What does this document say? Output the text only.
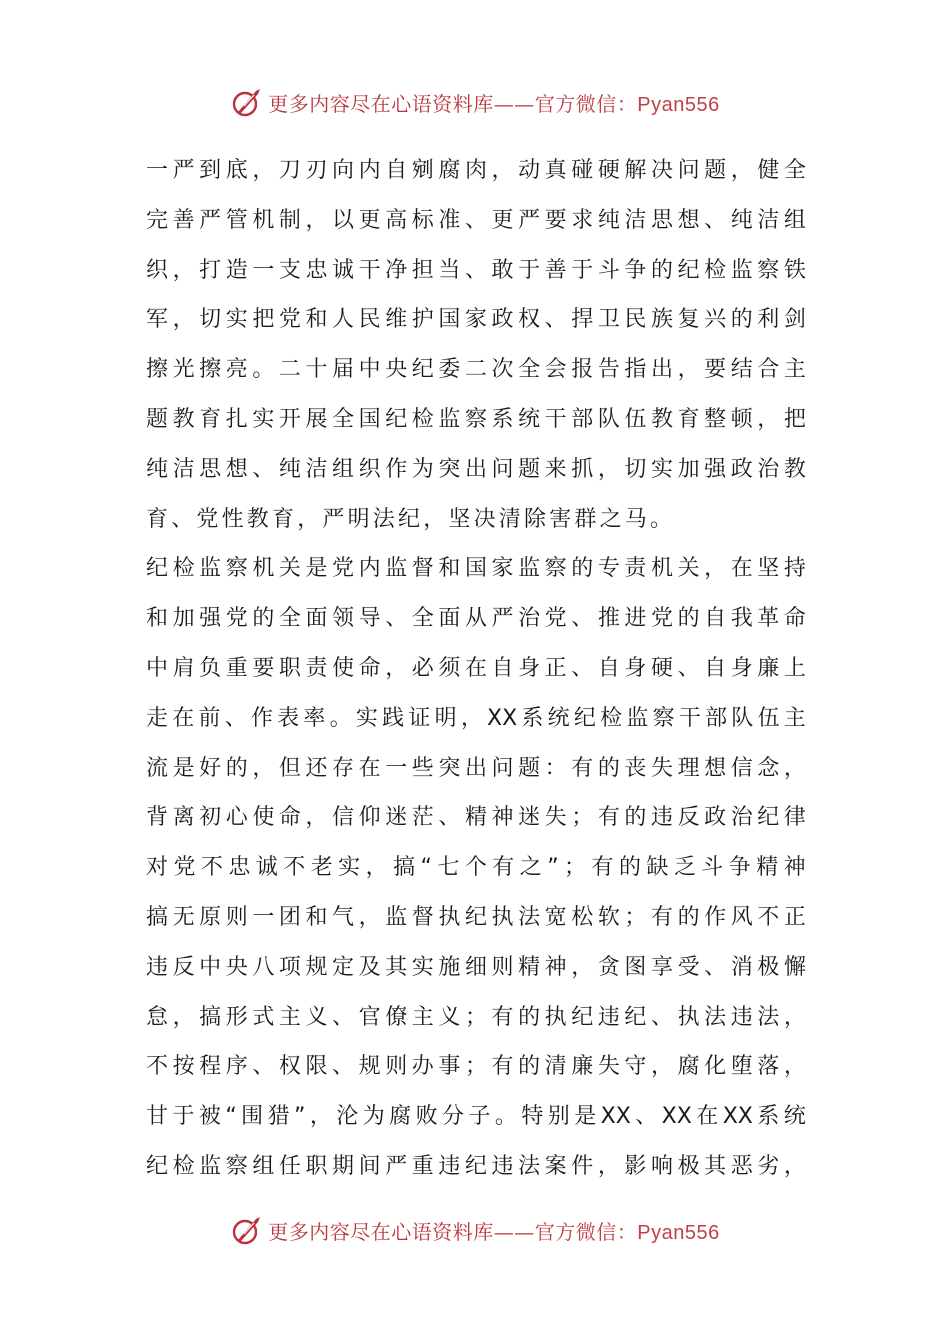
更多内容尽在心语资料库——官方微信：Pyan556
一 严 到 底 ， 刀 刃 向 内 自 剜 腐 肉 ， 动 真 碰 硬 解 决 问 题 ， 健 全
完 善 严 管 机 制 ， 以 更 高 标 准 、 更 严 要 求 纯 洁 思 想 、 纯 洁 组
织 ， 打 造 一 支 忠 诚 干 净 担 当 、 敢 于 善 于 斗 争 的 纪 检 监 察 铁
军 ， 切 实 把 党 和 人 民 维 护 国 家 政 权 、 捍 卫 民 族 复 兴 的 利 剑
擦 光 擦 亮 。 二 十 届 中 央 纪 委 二 次 全 会 报 告 指 出 ， 要 结 合 主
题 教 育 扎 实 开 展 全 国 纪 检 监 察 系 统 干 部 队 伍 教 育 整 顿 ， 把
纯 洁 思 想 、 纯 洁 组 织 作 为 突 出 问 题 来 抓 ， 切 实 加 强 政 治 教
育、党性教育，严明法纪，坚决清除害群之马。
纪 检 监 察 机 关 是 党 内 监 督 和 国 家 监 察 的 专 责 机 关 ， 在 坚 持
和 加 强 党 的 全 面 领 导 、 全 面 从 严 治 党 、 推 进 党 的 自 我 革 命
中 肩 负 重 要 职 责 使 命 ， 必 须 在 自 身 正 、 自 身 硬 、 自 身 廉 上
走 在 前 、 作 表 率 。 实 践 证 明 ， XX 系 统 纪 检 监 察 干 部 队 伍 主
流 是 好 的 ， 但 还 存 在 一 些 突 出 问 题 ： 有 的 丧 失 理 想 信 念 ，
背 离 初 心 使 命 ， 信 仰 迷 茫 、 精 神 迷 失 ； 有 的 违 反 政 治 纪 律
对 党 不 忠 诚 不 老 实 ， 搞 “ 七 个 有 之 ” ； 有 的 缺 乏 斗 争 精 神
搞 无 原 则 一 团 和 气 ， 监 督 执 纪 执 法 宽 松 软 ； 有 的 作 风 不 正
违 反 中 央 八 项 规 定 及 其 实 施 细 则 精 神 ， 贪 图 享 受 、 消 极 懈
怠 ， 搞 形 式 主 义 、 官 僚 主 义 ； 有 的 执 纪 违 纪 、 执 法 违 法 ，
不 按 程 序 、 权 限 、 规 则 办 事 ； 有 的 清 廉 失 守 ， 腐 化 堕 落 ，
甘 于 被 “ 围 猎 ” ， 沦 为 腐 败 分 子 。 特 别 是 XX 、 XX 在 XX 系 统
纪 检 监 察 组 任 职 期 间 严 重 违 纪 违 法 案 件 ， 影 响 极 其 恶 劣 ，
更多内容尽在心语资料库——官方微信：Pyan556
